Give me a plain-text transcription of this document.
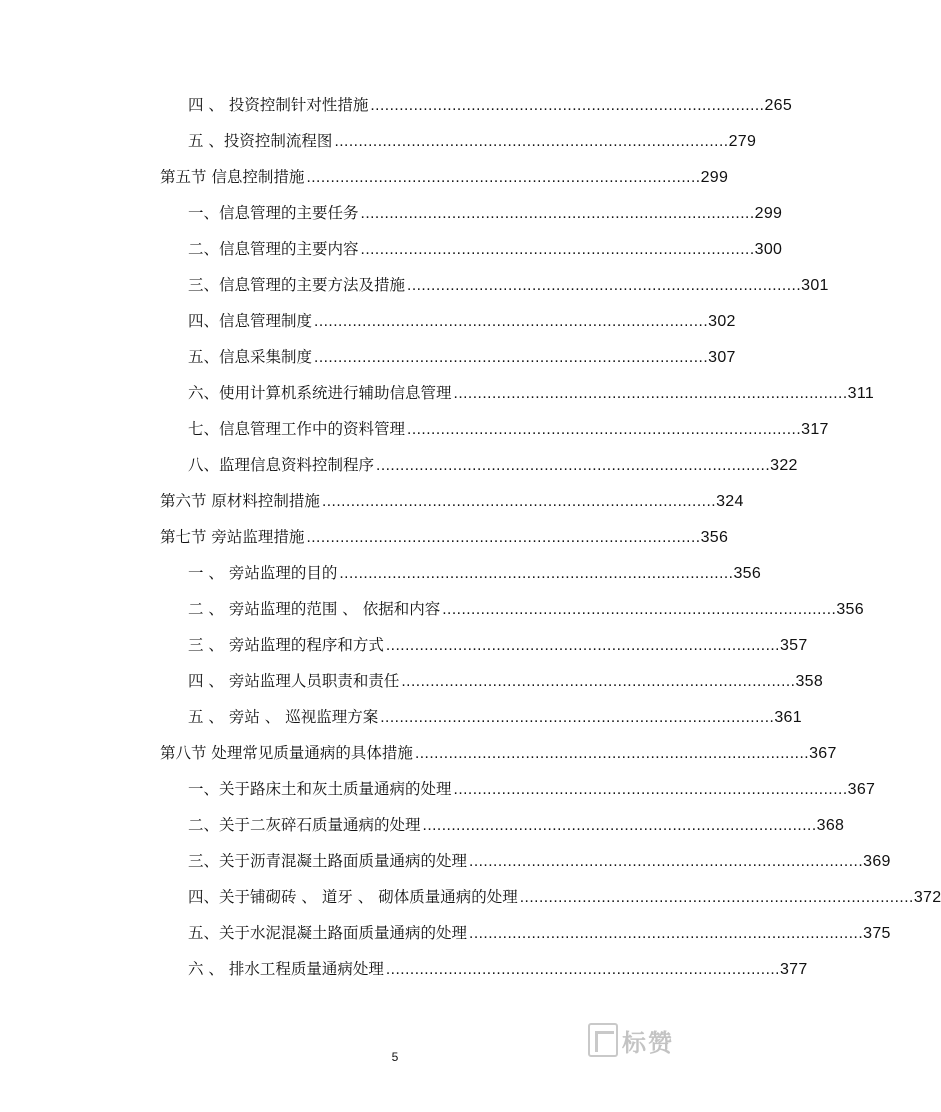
四 、 投资控制针对性措施 .................................................................................. 265
五 、投资控制流程图 .................................................................................. 279
第五节 信息控制措施 .................................................................................. 299
一、信息管理的主要任务 .................................................................................. 299
二、信息管理的主要内容 .................................................................................. 300
三、信息管理的主要方法及措施 .................................................................................. 301
四、信息管理制度 .................................................................................. 302
五、信息采集制度 .................................................................................. 307
六、使用计算机系统进行辅助信息管理 .................................................................................. 311
七、信息管理工作中的资料管理 .................................................................................. 317
八、监理信息资料控制程序 .................................................................................. 322
第六节 原材料控制措施 .................................................................................. 324
第七节 旁站监理措施 .................................................................................. 356
一 、 旁站监理的目的 .................................................................................. 356
二 、 旁站监理的范围 、 依据和内容 .................................................................................. 356
三 、 旁站监理的程序和方式 .................................................................................. 357
四 、 旁站监理人员职责和责任 .................................................................................. 358
五 、 旁站 、 巡视监理方案 .................................................................................. 361
第八节 处理常见质量通病的具体措施 .................................................................................. 367
一、关于路床土和灰土质量通病的处理 .................................................................................. 367
二、关于二灰碎石质量通病的处理 .................................................................................. 368
三、关于沥青混凝土路面质量通病的处理 .................................................................................. 369
四、关于铺砌砖 、 道牙 、 砌体质量通病的处理 .................................................................................. 372
五、关于水泥混凝土路面质量通病的处理 .................................................................................. 375
六 、 排水工程质量通病处理 .................................................................................. 377
标赞
5
